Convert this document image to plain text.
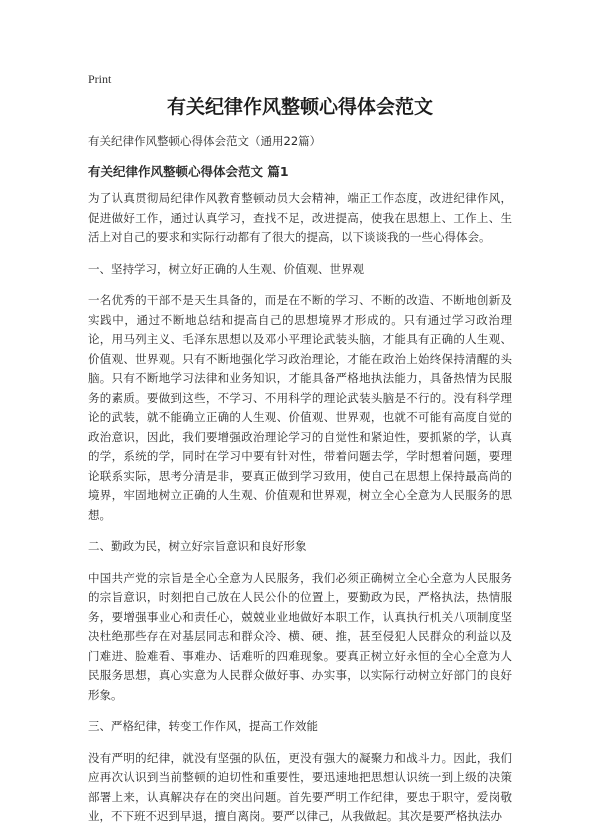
Print
有关纪律作风整顿心得体会范文

有关纪律作风整顿心得体会范文（通用22篇）

有关纪律作风整顿心得体会范文 篇1

为了认真贯彻局纪律作风教育整顿动员大会精神，端正工作态度，改进纪律作风，促进做好工作，通过认真学习，查找不足，改进提高，使我在思想上、工作上、生活上对自己的要求和实际行动都有了很大的提高，以下谈谈我的一些心得体会。

一、坚持学习，树立好正确的人生观、价值观、世界观

一名优秀的干部不是天生具备的，而是在不断的学习、不断的改造、不断地创新及实践中，通过不断地总结和提高自己的思想境界才形成的。只有通过学习政治理论，用马列主义、毛泽东思想以及邓小平理论武装头脑，才能具有正确的人生观、价值观、世界观。只有不断地强化学习政治理论，才能在政治上始终保持清醒的头脑。只有不断地学习法律和业务知识，才能具备严格地执法能力，具备热情为民服务的素质。要做到这些，不学习、不用科学的理论武装头脑是不行的。没有科学理论的武装，就不能确立正确的人生观、价值观、世界观，也就不可能有高度自觉的政治意识，因此，我们要增强政治理论学习的自觉性和紧迫性，要抓紧的学，认真的学，系统的学，同时在学习中要有针对性，带着问题去学，学时想着问题，要理论联系实际，思考分清是非，要真正做到学习致用，使自己在思想上保持最高尚的境界，牢固地树立正确的人生观、价值观和世界观，树立全心全意为人民服务的思想。

二、勤政为民，树立好宗旨意识和良好形象

中国共产党的宗旨是全心全意为人民服务，我们必须正确树立全心全意为人民服务的宗旨意识，时刻把自己放在人民公仆的位置上，要勤政为民，严格执法，热情服务，要增强事业心和责任心，兢兢业业地做好本职工作，认真执行机关八项制度坚决杜绝那些存在对基层同志和群众冷、横、硬、推，甚至侵犯人民群众的利益以及门难进、脸难看、事难办、话难听的四难现象。要真正树立好永恒的全心全意为人民服务思想，真心实意为人民群众做好事、办实事，以实际行动树立好部门的良好形象。

三、严格纪律，转变工作作风，提高工作效能

没有严明的纪律，就没有坚强的队伍，更没有强大的凝聚力和战斗力。因此，我们应再次认识到当前整顿的迫切性和重要性，要迅速地把思想认识统一到上级的决策部署上来，认真解决存在的突出问题。首先要严明工作纪律，要忠于职守，爱岗敬业，不下班不迟到早退，擅自离岗。要严以律己，从我做起。其次是要严格执法办
